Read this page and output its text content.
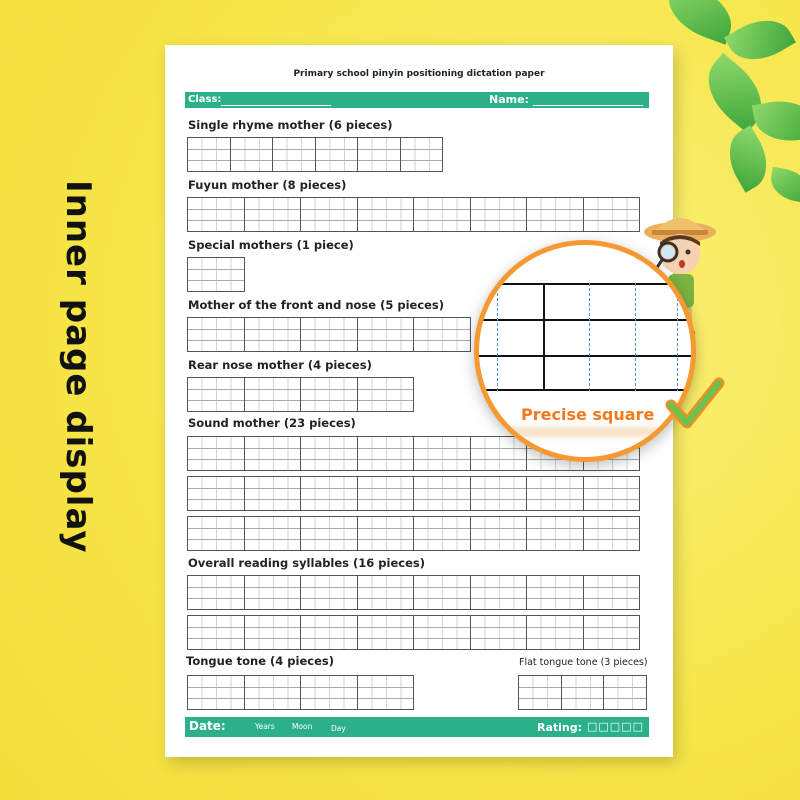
Inner page display
Primary school pinyin positioning dictation paper
Class:	Name:
Single rhyme mother (6 pieces)
Fuyun mother (8 pieces)
Special mothers (1 piece)
Mother of the front and nose (5 pieces)
Rear nose mother (4 pieces)
Sound mother (23 pieces)
Overall reading syllables (16 pieces)
Tongue tone (4 pieces)	Flat tongue tone (3 pieces)
Date:	Years Moon Day	Rating: □□□□□
Precise square
